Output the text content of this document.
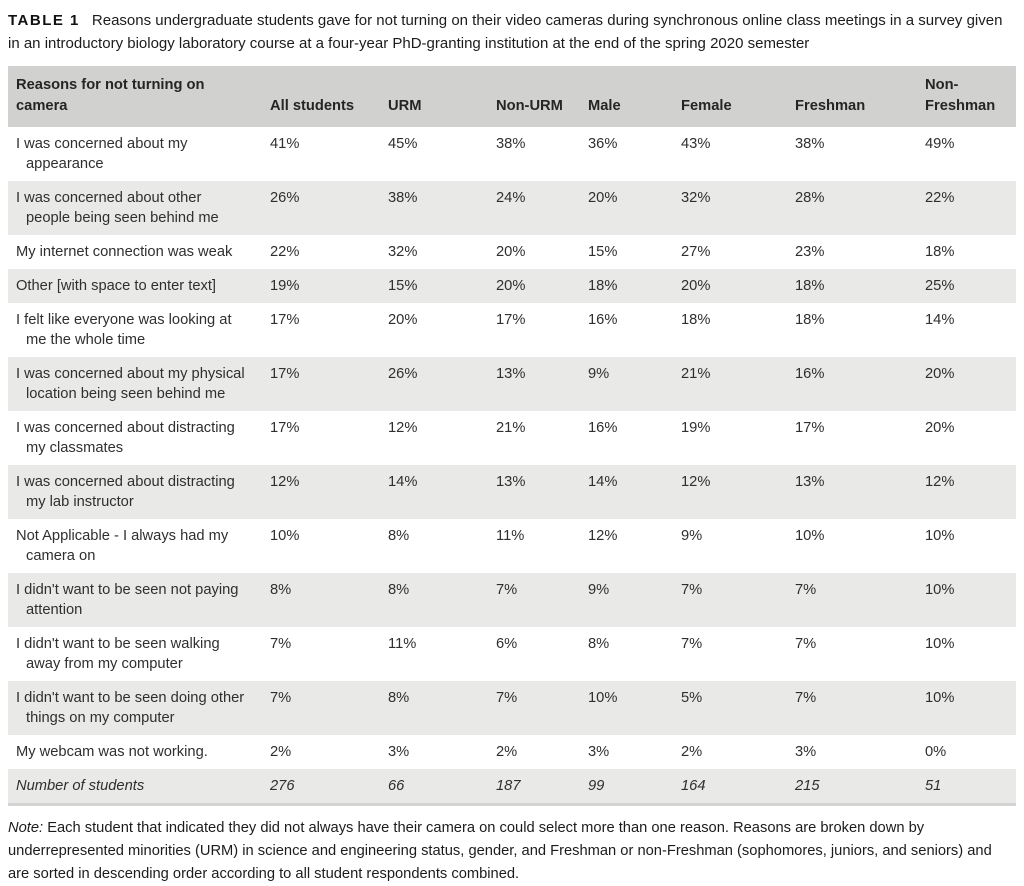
TABLE 1 Reasons undergraduate students gave for not turning on their video cameras during synchronous online class meetings in a survey given in an introductory biology laboratory course at a four-year PhD-granting institution at the end of the spring 2020 semester

Reasons for not turning on camera	All students	URM	Non-URM	Male	Female	Freshman	Non-Freshman
I was concerned about my appearance	41%	45%	38%	36%	43%	38%	49%
I was concerned about other people being seen behind me	26%	38%	24%	20%	32%	28%	22%
My internet connection was weak	22%	32%	20%	15%	27%	23%	18%
Other [with space to enter text]	19%	15%	20%	18%	20%	18%	25%
I felt like everyone was looking at me the whole time	17%	20%	17%	16%	18%	18%	14%
I was concerned about my physical location being seen behind me	17%	26%	13%	9%	21%	16%	20%
I was concerned about distracting my classmates	17%	12%	21%	16%	19%	17%	20%
I was concerned about distracting my lab instructor	12%	14%	13%	14%	12%	13%	12%
Not Applicable - I always had my camera on	10%	8%	11%	12%	9%	10%	10%
I didn't want to be seen not paying attention	8%	8%	7%	9%	7%	7%	10%
I didn't want to be seen walking away from my computer	7%	11%	6%	8%	7%	7%	10%
I didn't want to be seen doing other things on my computer	7%	8%	7%	10%	5%	7%	10%
My webcam was not working.	2%	3%	2%	3%	2%	3%	0%
Number of students	276	66	187	99	164	215	51

Note: Each student that indicated they did not always have their camera on could select more than one reason. Reasons are broken down by underrepresented minorities (URM) in science and engineering status, gender, and Freshman or non-Freshman (sophomores, juniors, and seniors) and are sorted in descending order according to all student respondents combined.
